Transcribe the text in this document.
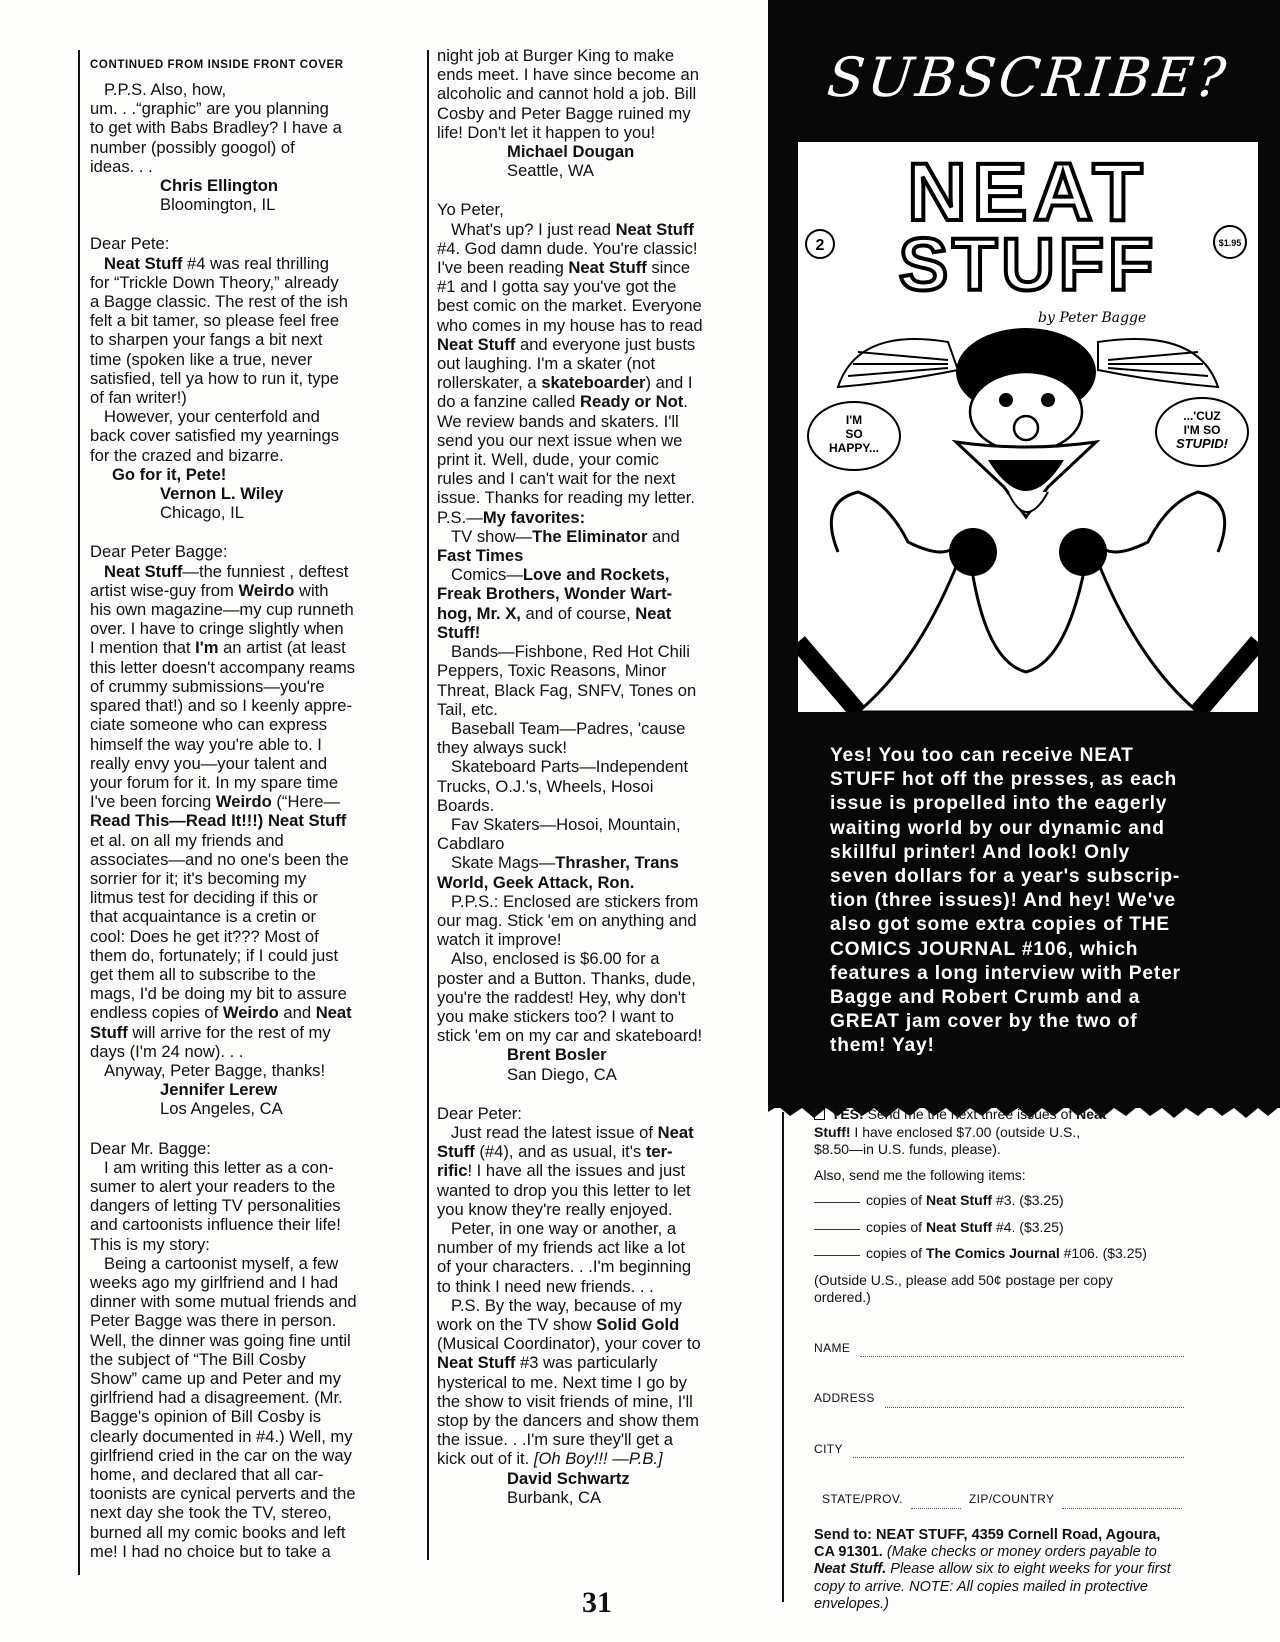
CONTINUED FROM INSIDE FRONT COVER

P.P.S. Also, how,

um. . .“graphic” are you planning

to get with Babs Bradley? I have a

number (possibly googol) of

ideas. . .

Chris Ellington

Bloomington, IL

Dear Pete:

Neat Stuff #4 was real thrilling

for “Trickle Down Theory,” already

a Bagge classic. The rest of the ish

felt a bit tamer, so please feel free

to sharpen your fangs a bit next

time (spoken like a true, never

satisfied, tell ya how to run it, type

of fan writer!)

However, your centerfold and

back cover satisfied my yearnings

for the crazed and bizarre.

Go for it, Pete!

Vernon L. Wiley

Chicago, IL

Dear Peter Bagge:

Neat Stuff—the funniest , deftest

artist wise-guy from Weirdo with

his own magazine—my cup runneth

over. I have to cringe slightly when

I mention that I'm an artist (at least

this letter doesn't accompany reams

of crummy submissions—you're

spared that!) and so I keenly appre-

ciate someone who can express

himself the way you're able to. I

really envy you—your talent and

your forum for it. In my spare time

I've been forcing Weirdo (“Here—

Read This—Read It!!!) Neat Stuff

et al. on all my friends and

associates—and no one's been the

sorrier for it; it's becoming my

litmus test for deciding if this or

that acquaintance is a cretin or

cool: Does he get it??? Most of

them do, fortunately; if I could just

get them all to subscribe to the

mags, I'd be doing my bit to assure

endless copies of Weirdo and Neat

Stuff will arrive for the rest of my

days (I'm 24 now). . .

Anyway, Peter Bagge, thanks!

Jennifer Lerew

Los Angeles, CA

Dear Mr. Bagge:

I am writing this letter as a con-

sumer to alert your readers to the

dangers of letting TV personalities

and cartoonists influence their life!

This is my story:

Being a cartoonist myself, a few

weeks ago my girlfriend and I had

dinner with some mutual friends and

Peter Bagge was there in person.

Well, the dinner was going fine until

the subject of “The Bill Cosby

Show” came up and Peter and my

girlfriend had a disagreement. (Mr.

Bagge's opinion of Bill Cosby is

clearly documented in #4.) Well, my

girlfriend cried in the car on the way

home, and declared that all car-

toonists are cynical perverts and the

next day she took the TV, stereo,

burned all my comic books and left

me! I had no choice but to take a

night job at Burger King to make

ends meet. I have since become an

alcoholic and cannot hold a job. Bill

Cosby and Peter Bagge ruined my

life! Don't let it happen to you!

Michael Dougan

Seattle, WA

Yo Peter,

What's up? I just read Neat Stuff

#4. God damn dude. You're classic!

I've been reading Neat Stuff since

#1 and I gotta say you've got the

best comic on the market. Everyone

who comes in my house has to read

Neat Stuff and everyone just busts

out laughing. I'm a skater (not

rollerskater, a skateboarder) and I

do a fanzine called Ready or Not.

We review bands and skaters. I'll

send you our next issue when we

print it. Well, dude, your comic

rules and I can't wait for the next

issue. Thanks for reading my letter.

P.S.—My favorites:

TV show—The Eliminator and

Fast Times

Comics—Love and Rockets,

Freak Brothers, Wonder Wart-

hog, Mr. X, and of course, Neat

Stuff!

Bands—Fishbone, Red Hot Chili

Peppers, Toxic Reasons, Minor

Threat, Black Fag, SNFV, Tones on

Tail, etc.

Baseball Team—Padres, 'cause

they always suck!

Skateboard Parts—Independent

Trucks, O.J.'s, Wheels, Hosoi

Boards.

Fav Skaters—Hosoi, Mountain,

Cabdlaro

Skate Mags—Thrasher, Trans

World, Geek Attack, Ron.

P.P.S.: Enclosed are stickers from

our mag. Stick 'em on anything and

watch it improve!

Also, enclosed is $6.00 for a

poster and a Button. Thanks, dude,

you're the raddest! Hey, why don't

you make stickers too? I want to

stick 'em on my car and skateboard!

Brent Bosler

San Diego, CA

Dear Peter:

Just read the latest issue of Neat

Stuff (#4), and as usual, it's ter-

rific! I have all the issues and just

wanted to drop you this letter to let

you know they're really enjoyed.

Peter, in one way or another, a

number of my friends act like a lot

of your characters. . .I'm beginning

to think I need new friends. . .

P.S. By the way, because of my

work on the TV show Solid Gold

(Musical Coordinator), your cover to

Neat Stuff #3 was particularly

hysterical to me. Next time I go by

the show to visit friends of mine, I'll

stop by the dancers and show them

the issue. . .I'm sure they'll get a

kick out of it. [Oh Boy!!! —P.B.]

David Schwartz

Burbank, CA

31
SUBSCRIBE?
NEAT
STUFF
2	$1.95
by Peter Bagge
I'M
SO
HAPPY...
...'CUZ
I'M SO
STUPID!

Yes! You too can receive NEAT

STUFF hot off the presses, as each

issue is propelled into the eagerly

waiting world by our dynamic and

skillful printer! And look! Only

seven dollars for a year's subscrip-

tion (three issues)! And hey! We've

also got some extra copies of THE

COMICS JOURNAL #106, which

features a long interview with Peter

Bagge and Robert Crumb and a

GREAT jam cover by the two of

them! Yay!

YES! Send me the next three issues of Neat
Stuff! I have enclosed $7.00 (outside U.S.,
$8.50—in U.S. funds, please).
Also, send me the following items:
copies of Neat Stuff #3. ($3.25)
copies of Neat Stuff #4. ($3.25)
copies of The Comics Journal #106. ($3.25)

(Outside U.S., please add 50¢ postage per copy

ordered.)

NAME
ADDRESS
CITY
STATE/PROV.	ZIP/COUNTRY
Send to: NEAT STUFF, 4359 Cornell Road, Agoura, CA 91301. (Make checks or money orders payable to Neat Stuff. Please allow six to eight weeks for your first copy to arrive. NOTE: All copies mailed in protective envelopes.)
